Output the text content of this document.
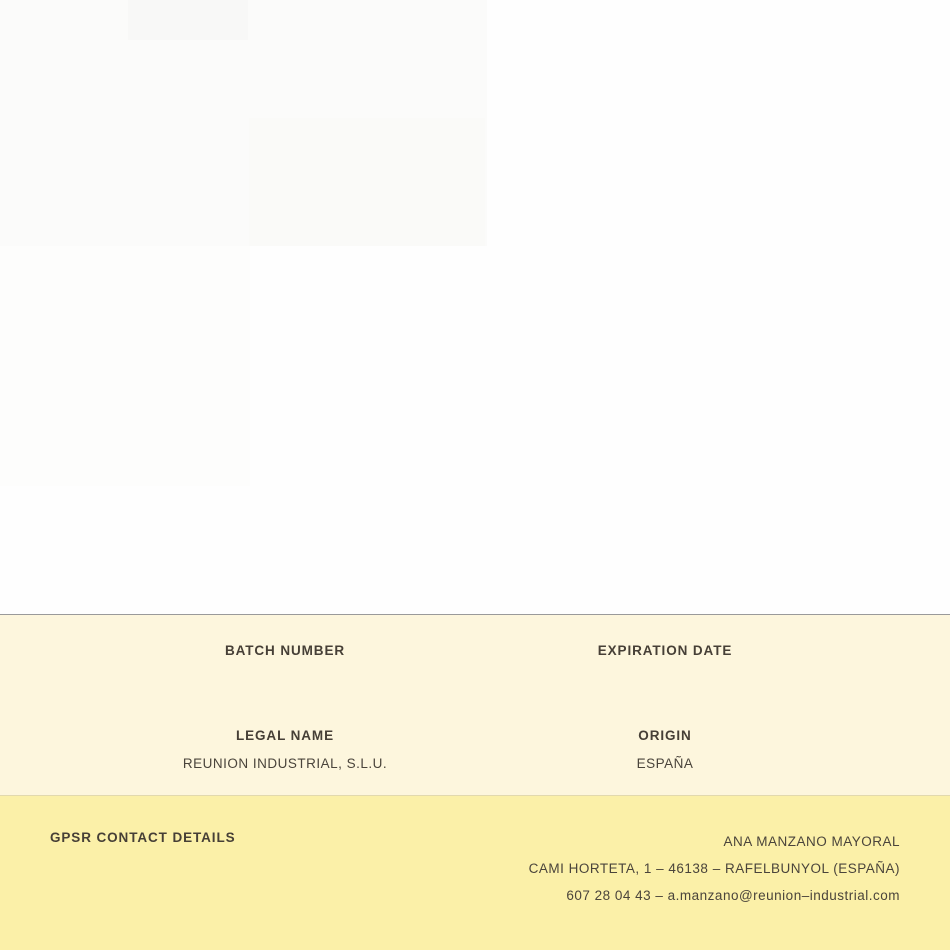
BATCH NUMBER	EXPIRATION DATE
LEGAL NAME
REUNION INDUSTRIAL, S.L.U.
ORIGIN
ESPAÑA
GPSR CONTACT DETAILS	ANA MANZANO MAYORAL
CAMI HORTETA, 1 – 46138 – RAFELBUNYOL (ESPAÑA)
607 28 04 43 – a.manzano@reunion–industrial.com
